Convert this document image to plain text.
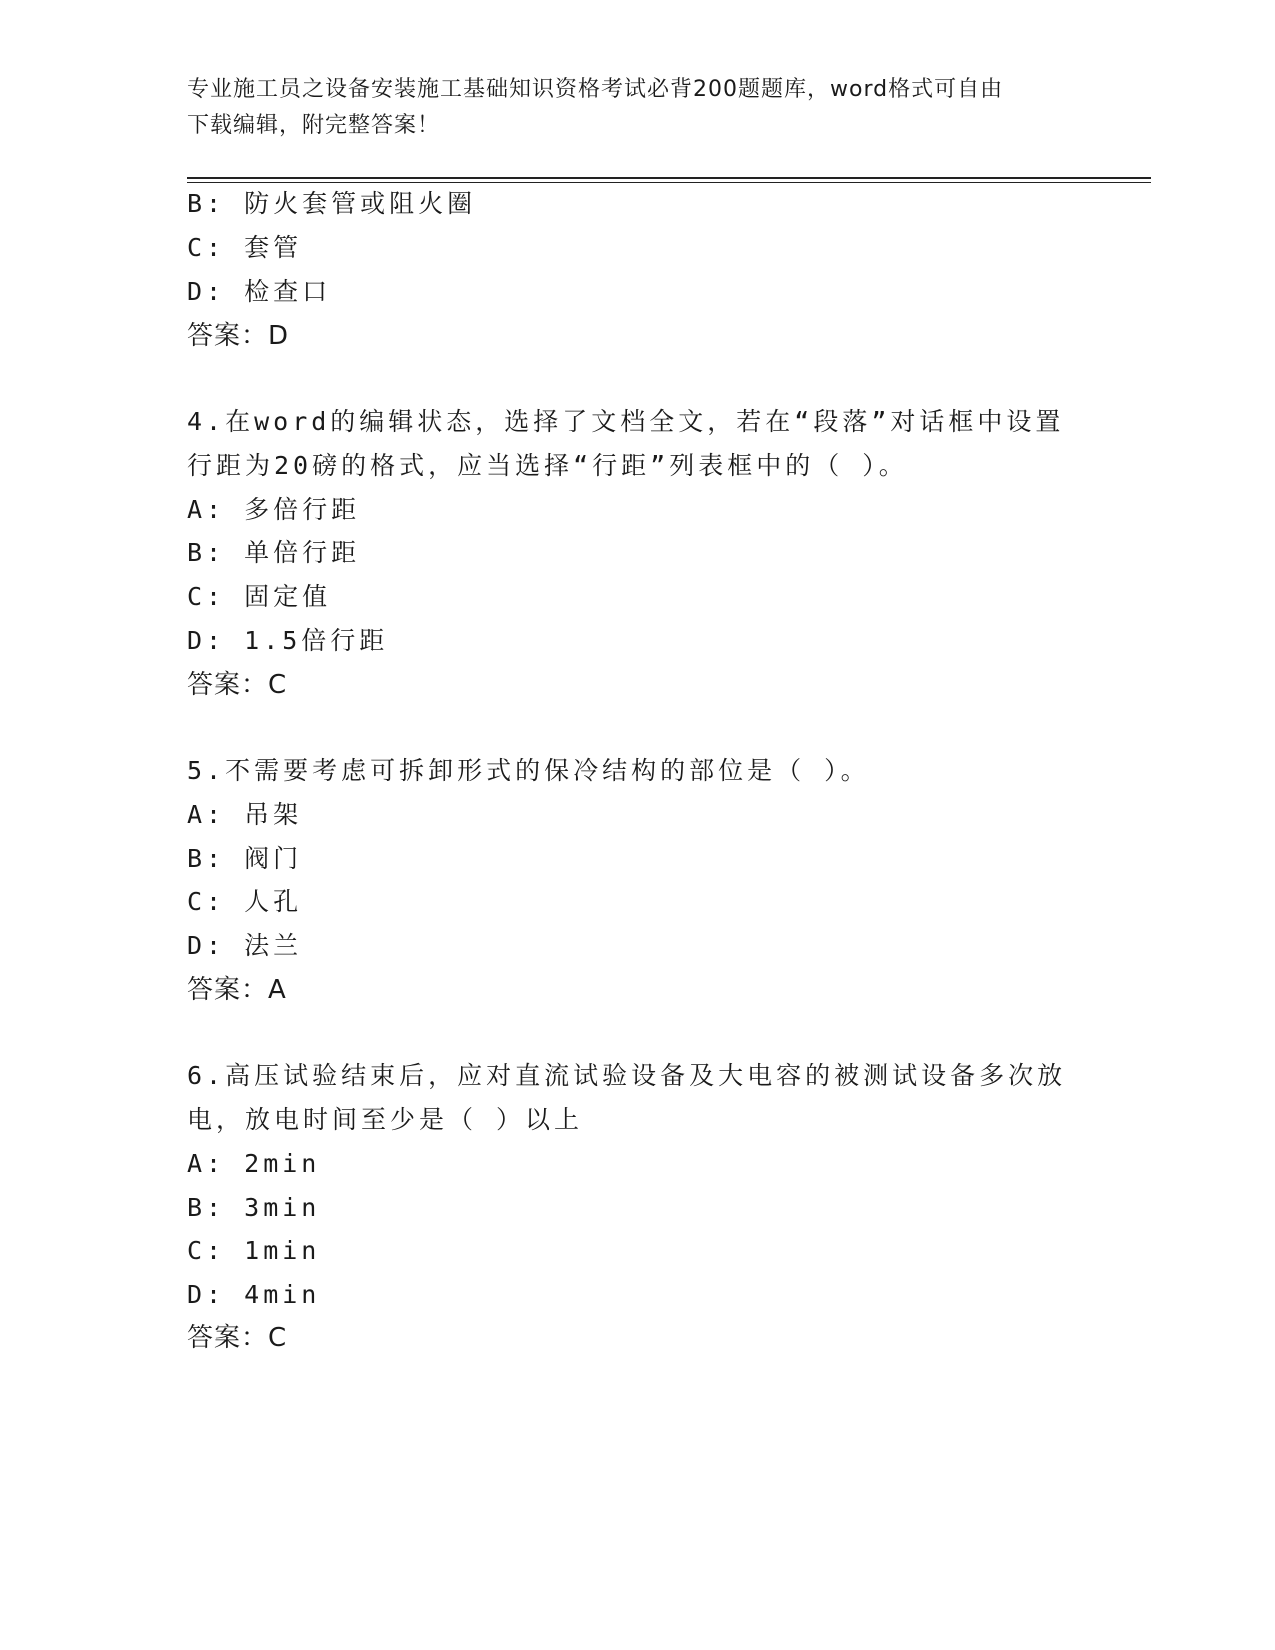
专业施工员之设备安装施工基础知识资格考试必背200题题库，word格式可自由
下载编辑，附完整答案！
B: 防火套管或阻火圈
C: 套管
D: 检查口
答案：D
4.在word的编辑状态，选择了文档全文，若在“段落”对话框中设置
行距为20磅的格式，应当选择“行距”列表框中的（ ）。
A: 多倍行距
B: 单倍行距
C: 固定值
D: 1.5倍行距
答案：C
5.不需要考虑可拆卸形式的保冷结构的部位是（ ）。
A: 吊架
B: 阀门
C: 人孔
D: 法兰
答案：A
6.高压试验结束后，应对直流试验设备及大电容的被测试设备多次放
电，放电时间至少是（ ）以上
A: 2min
B: 3min
C: 1min
D: 4min
答案：C
